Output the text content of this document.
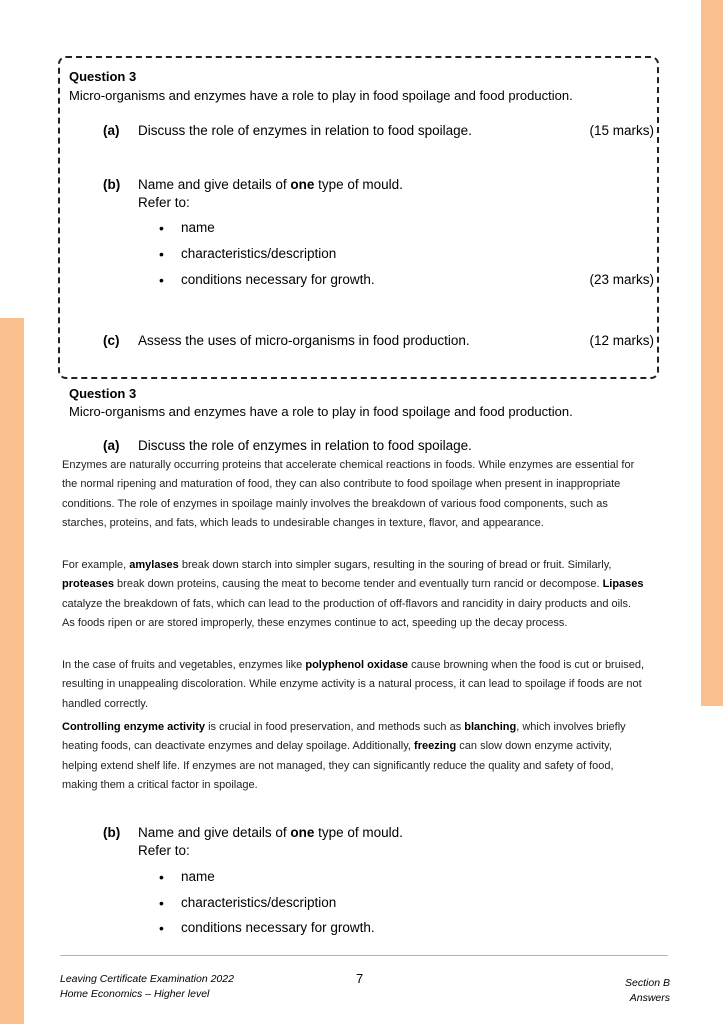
Question 3
Micro-organisms and enzymes have a role to play in food spoilage and food production.
(a) Discuss the role of enzymes in relation to food spoilage.	(15 marks)
(b) Name and give details of one type of mould.
Refer to:
• name
• characteristics/description
• conditions necessary for growth.	(23 marks)
(c) Assess the uses of micro-organisms in food production.	(12 marks)
Question 3
Micro-organisms and enzymes have a role to play in food spoilage and food production.
(a) Discuss the role of enzymes in relation to food spoilage.
Enzymes are naturally occurring proteins that accelerate chemical reactions in foods. While enzymes are essential for the normal ripening and maturation of food, they can also contribute to food spoilage when present in inappropriate conditions. The role of enzymes in spoilage mainly involves the breakdown of various food components, such as starches, proteins, and fats, which leads to undesirable changes in texture, flavor, and appearance.
For example, amylases break down starch into simpler sugars, resulting in the souring of bread or fruit. Similarly, proteases break down proteins, causing the meat to become tender and eventually turn rancid or decompose. Lipases catalyze the breakdown of fats, which can lead to the production of off-flavors and rancidity in dairy products and oils. As foods ripen or are stored improperly, these enzymes continue to act, speeding up the decay process.
In the case of fruits and vegetables, enzymes like polyphenol oxidase cause browning when the food is cut or bruised, resulting in unappealing discoloration. While enzyme activity is a natural process, it can lead to spoilage if foods are not handled correctly.
Controlling enzyme activity is crucial in food preservation, and methods such as blanching, which involves briefly heating foods, can deactivate enzymes and delay spoilage. Additionally, freezing can slow down enzyme activity, helping extend shelf life. If enzymes are not managed, they can significantly reduce the quality and safety of food, making them a critical factor in spoilage.
(b) Name and give details of one type of mould.
Refer to:
• name
• characteristics/description
• conditions necessary for growth.
Leaving Certificate Examination 2022
Home Economics – Higher level
7	Section B
Answers
